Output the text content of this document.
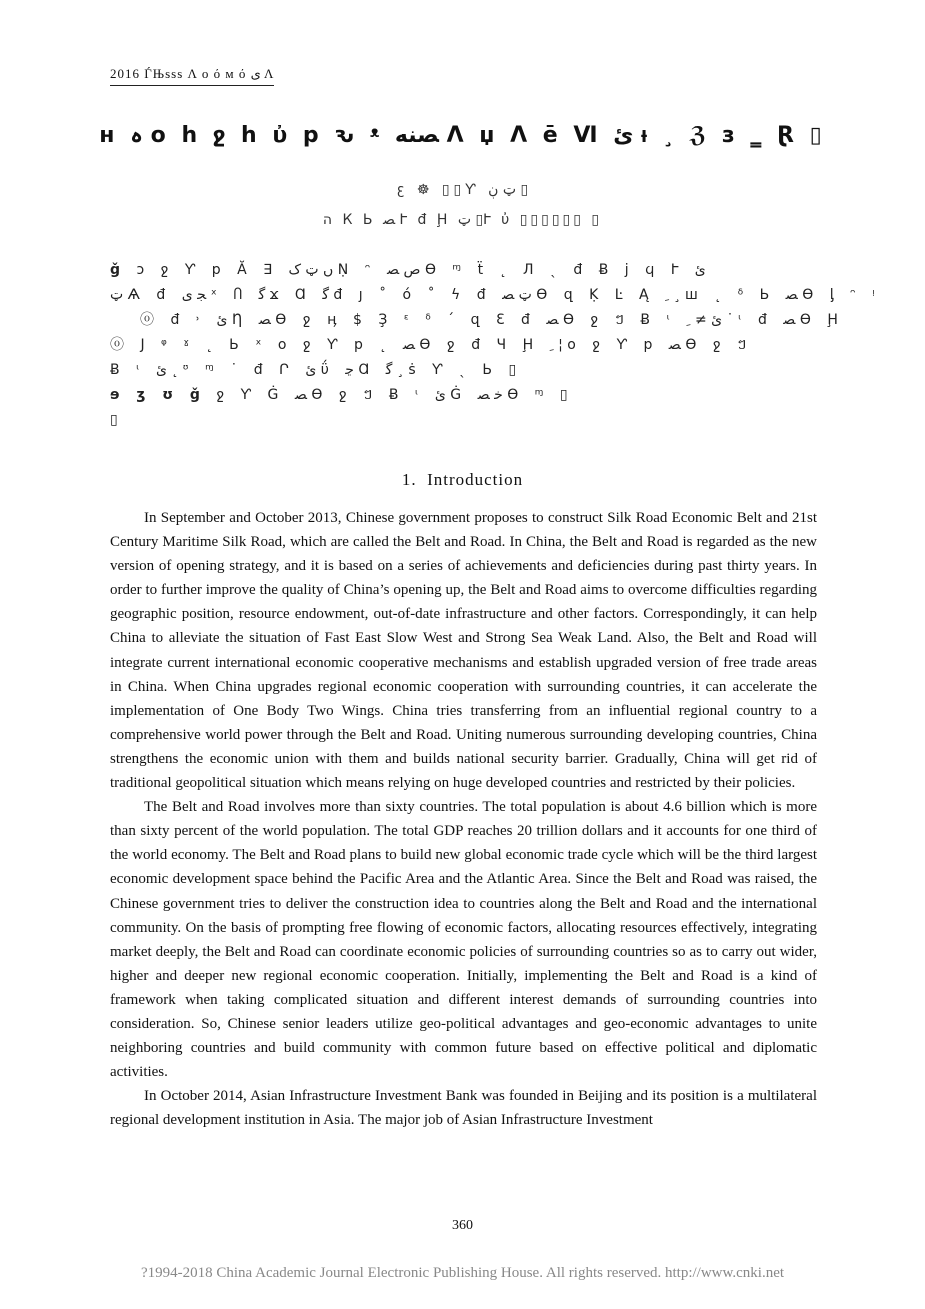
2016 ЃЊѕѕѕ Λ ο ό м ό ى Λ
н ہ о һ ջ һ ὐ р ԅ ᵜ ﺼﻨﻪ Λ џ Λ ē Ⅵ ئ ᵼ ¸ ℨ з ‗ Ɽ ▯
ꜫ ☸ ▯▯Ƴ ټ ڹ ▯
ה К Ь ﺼ Ւ đ Ḩ ټ ▯Ւ ὐ ▯▯▯▯▯▯ ▯
ǧ ɔ ջ Ƴ р Ă ∃ ں ټ ک Ṇ ᵔ ص ﺼ Ɵ ᶬ ẗ ˛ Л ˎ đ Ƀ ј ϥ Ւ ئ
ټ Ѧ đ ﺠ ى ˣ Ⴖ ﮔ ϫ Ɑ ﮔ đ ȷ ˚ ό ˚ ϟ đ ټ ﺼ Ɵ զ Ḳ Ŀ Ą ﹺ ¸ ш ˛ ᵟ Ь ﺼ Ɵ ᶅ ᵔ ᵎ
ⓞ đ ˒ ئ Ƞ ﺼ Ɵ ջ ӊ $ Ҙ ᵋ ᵟ ˊ զ Ɛ đ ﺼ Ɵ ջ ៗ Ƀ ᶥ ئ ≠ ﹺ ˙ ᶥ đ ﺼ Ɵ Ḩ
ⓞ J ᵠ ˠ ˛ Ь ˣ о ջ Ƴ р ˛ ﺼ Ɵ ջ đ Ч Ḩ ﹺ ¦ о ջ Ƴ р ﺼ Ɵ ջ ៗ
Ƀ ᶥ ئ ˛ ᶷ ᶬ ˙ đ Ր ئ ΰ ﭸ Ɑ ﮔ ¸ ṡ Ƴ ˎ Ь ▯
ɘ ʒ ʊ ǧ ջ Ƴ Ġ ﺼ Ɵ ջ ៗ Ƀ ᶥ ئ Ġ ﺧ ﺼ Ɵ ᶬ ▯
▯
1. Introduction

In September and October 2013, Chinese government proposes to construct Silk Road Economic Belt and 21st Century Maritime Silk Road, which are called the Belt and Road. In China, the Belt and Road is regarded as the new version of opening strategy, and it is based on a series of achievements and deficiencies during past thirty years. In order to further improve the quality of China’s opening up, the Belt and Road aims to overcome difficulties regarding geographic position, resource endowment, out-of-date infrastructure and other factors. Correspondingly, it can help China to alleviate the situation of Fast East Slow West and Strong Sea Weak Land. Also, the Belt and Road will integrate current international economic cooperative mechanisms and establish upgraded version of free trade areas in China. When China upgrades regional economic cooperation with surrounding countries, it can accelerate the implementation of One Body Two Wings. China tries transferring from an influential regional country to a comprehensive world power through the Belt and Road. Uniting numerous surrounding developing countries, China strengthens the economic union with them and builds national security barrier. Gradually, China will get rid of traditional geopolitical situation which means relying on huge developed countries and restricted by their policies.

The Belt and Road involves more than sixty countries. The total population is about 4.6 billion which is more than sixty percent of the world population. The total GDP reaches 20 trillion dollars and it accounts for one third of the world economy. The Belt and Road plans to build new global economic trade cycle which will be the third largest economic development space behind the Pacific Area and the Atlantic Area. Since the Belt and Road was raised, the Chinese government tries to deliver the construction idea to countries along the Belt and Road and the international community. On the basis of prompting free flowing of economic factors, allocating resources effectively, integrating market deeply, the Belt and Road can coordinate economic policies of surrounding countries so as to carry out wider, higher and deeper new regional economic cooperation. Initially, implementing the Belt and Road is a kind of framework when taking complicated situation and different interest demands of surrounding countries into consideration. So, Chinese senior leaders utilize geo-political advantages and geo-economic advantages to unite neighboring countries and build community with common future based on effective political and diplomatic activities.

In October 2014, Asian Infrastructure Investment Bank was founded in Beijing and its position is a multilateral regional development institution in Asia. The major job of Asian Infrastructure Investment

360
?1994-2018 China Academic Journal Electronic Publishing House. All rights reserved. http://www.cnki.net
